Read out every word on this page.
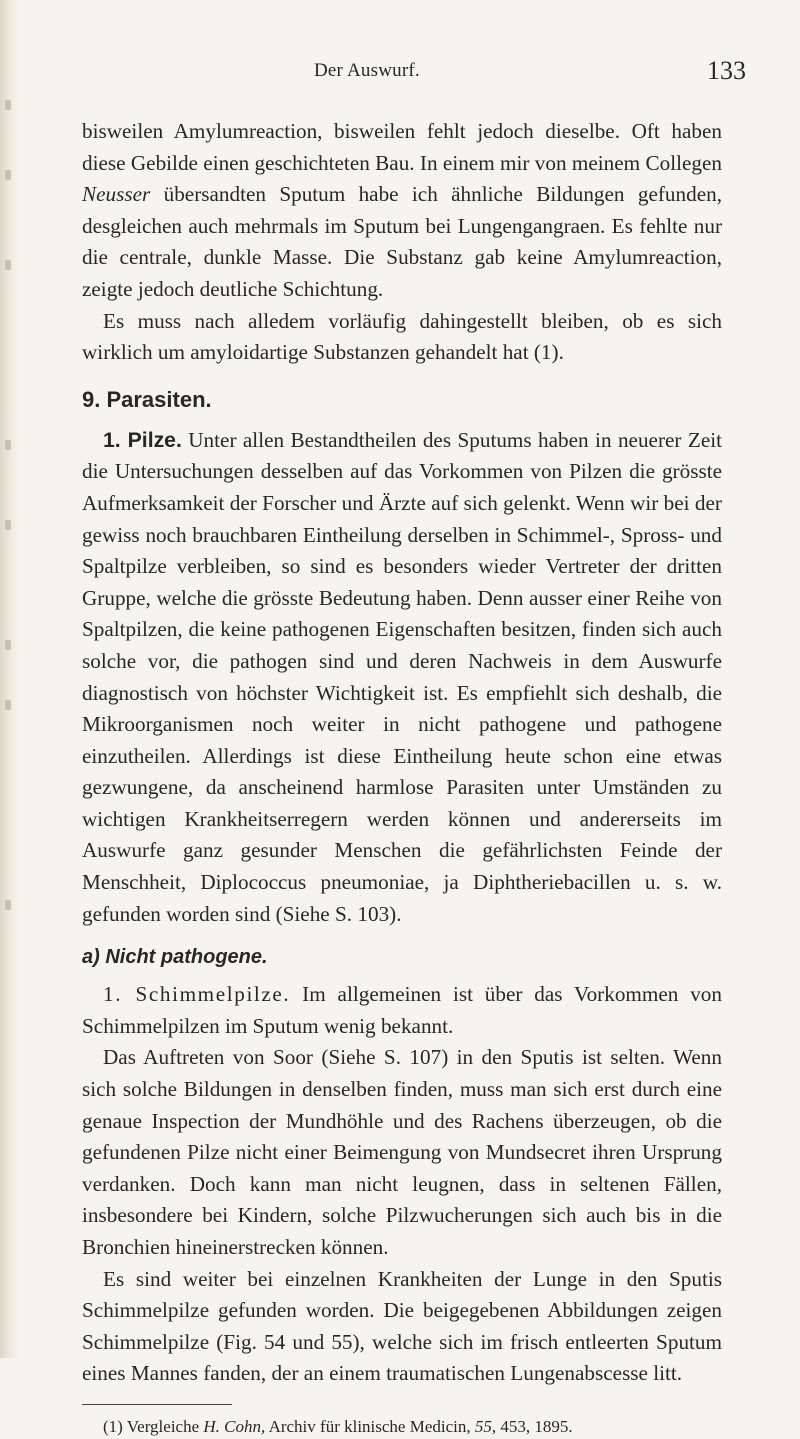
Der Auswurf.	133

bisweilen Amylumreaction, bisweilen fehlt jedoch dieselbe. Oft haben diese Gebilde einen geschichteten Bau. In einem mir von meinem Collegen Neusser übersandten Sputum habe ich ähnliche Bildungen gefunden, desgleichen auch mehrmals im Sputum bei Lungengangraen. Es fehlte nur die centrale, dunkle Masse. Die Substanz gab keine Amylumreaction, zeigte jedoch deutliche Schichtung.

Es muss nach alledem vorläufig dahingestellt bleiben, ob es sich wirklich um amyloidartige Substanzen gehandelt hat (1).

9. Parasiten.

1. Pilze. Unter allen Bestandtheilen des Sputums haben in neuerer Zeit die Untersuchungen desselben auf das Vorkommen von Pilzen die grösste Aufmerksamkeit der Forscher und Ärzte auf sich gelenkt. Wenn wir bei der gewiss noch brauchbaren Eintheilung derselben in Schimmel-, Spross- und Spaltpilze verbleiben, so sind es besonders wieder Vertreter der dritten Gruppe, welche die grösste Bedeutung haben. Denn ausser einer Reihe von Spaltpilzen, die keine pathogenen Eigenschaften besitzen, finden sich auch solche vor, die pathogen sind und deren Nachweis in dem Auswurfe diagnostisch von höchster Wichtigkeit ist. Es empfiehlt sich deshalb, die Mikroorganismen noch weiter in nicht pathogene und pathogene einzutheilen. Allerdings ist diese Eintheilung heute schon eine etwas gezwungene, da anscheinend harmlose Parasiten unter Umständen zu wichtigen Krankheitserregern werden können und andererseits im Auswurfe ganz gesunder Menschen die gefährlichsten Feinde der Menschheit, Diplococcus pneumoniae, ja Diphtheriebacillen u. s. w. gefunden worden sind (Siehe S. 103).

a) Nicht pathogene.

1. Schimmelpilze. Im allgemeinen ist über das Vorkommen von Schimmelpilzen im Sputum wenig bekannt.

Das Auftreten von Soor (Siehe S. 107) in den Sputis ist selten. Wenn sich solche Bildungen in denselben finden, muss man sich erst durch eine genaue Inspection der Mundhöhle und des Rachens überzeugen, ob die gefundenen Pilze nicht einer Beimengung von Mundsecret ihren Ursprung verdanken. Doch kann man nicht leugnen, dass in seltenen Fällen, insbesondere bei Kindern, solche Pilzwucherungen sich auch bis in die Bronchien hineinerstrecken können.

Es sind weiter bei einzelnen Krankheiten der Lunge in den Sputis Schimmelpilze gefunden worden. Die beigegebenen Abbildungen zeigen Schimmelpilze (Fig. 54 und 55), welche sich im frisch entleerten Sputum eines Mannes fanden, der an einem traumatischen Lungenabscesse litt.

(1) Vergleiche H. Cohn, Archiv für klinische Medicin, 55, 453, 1895.
